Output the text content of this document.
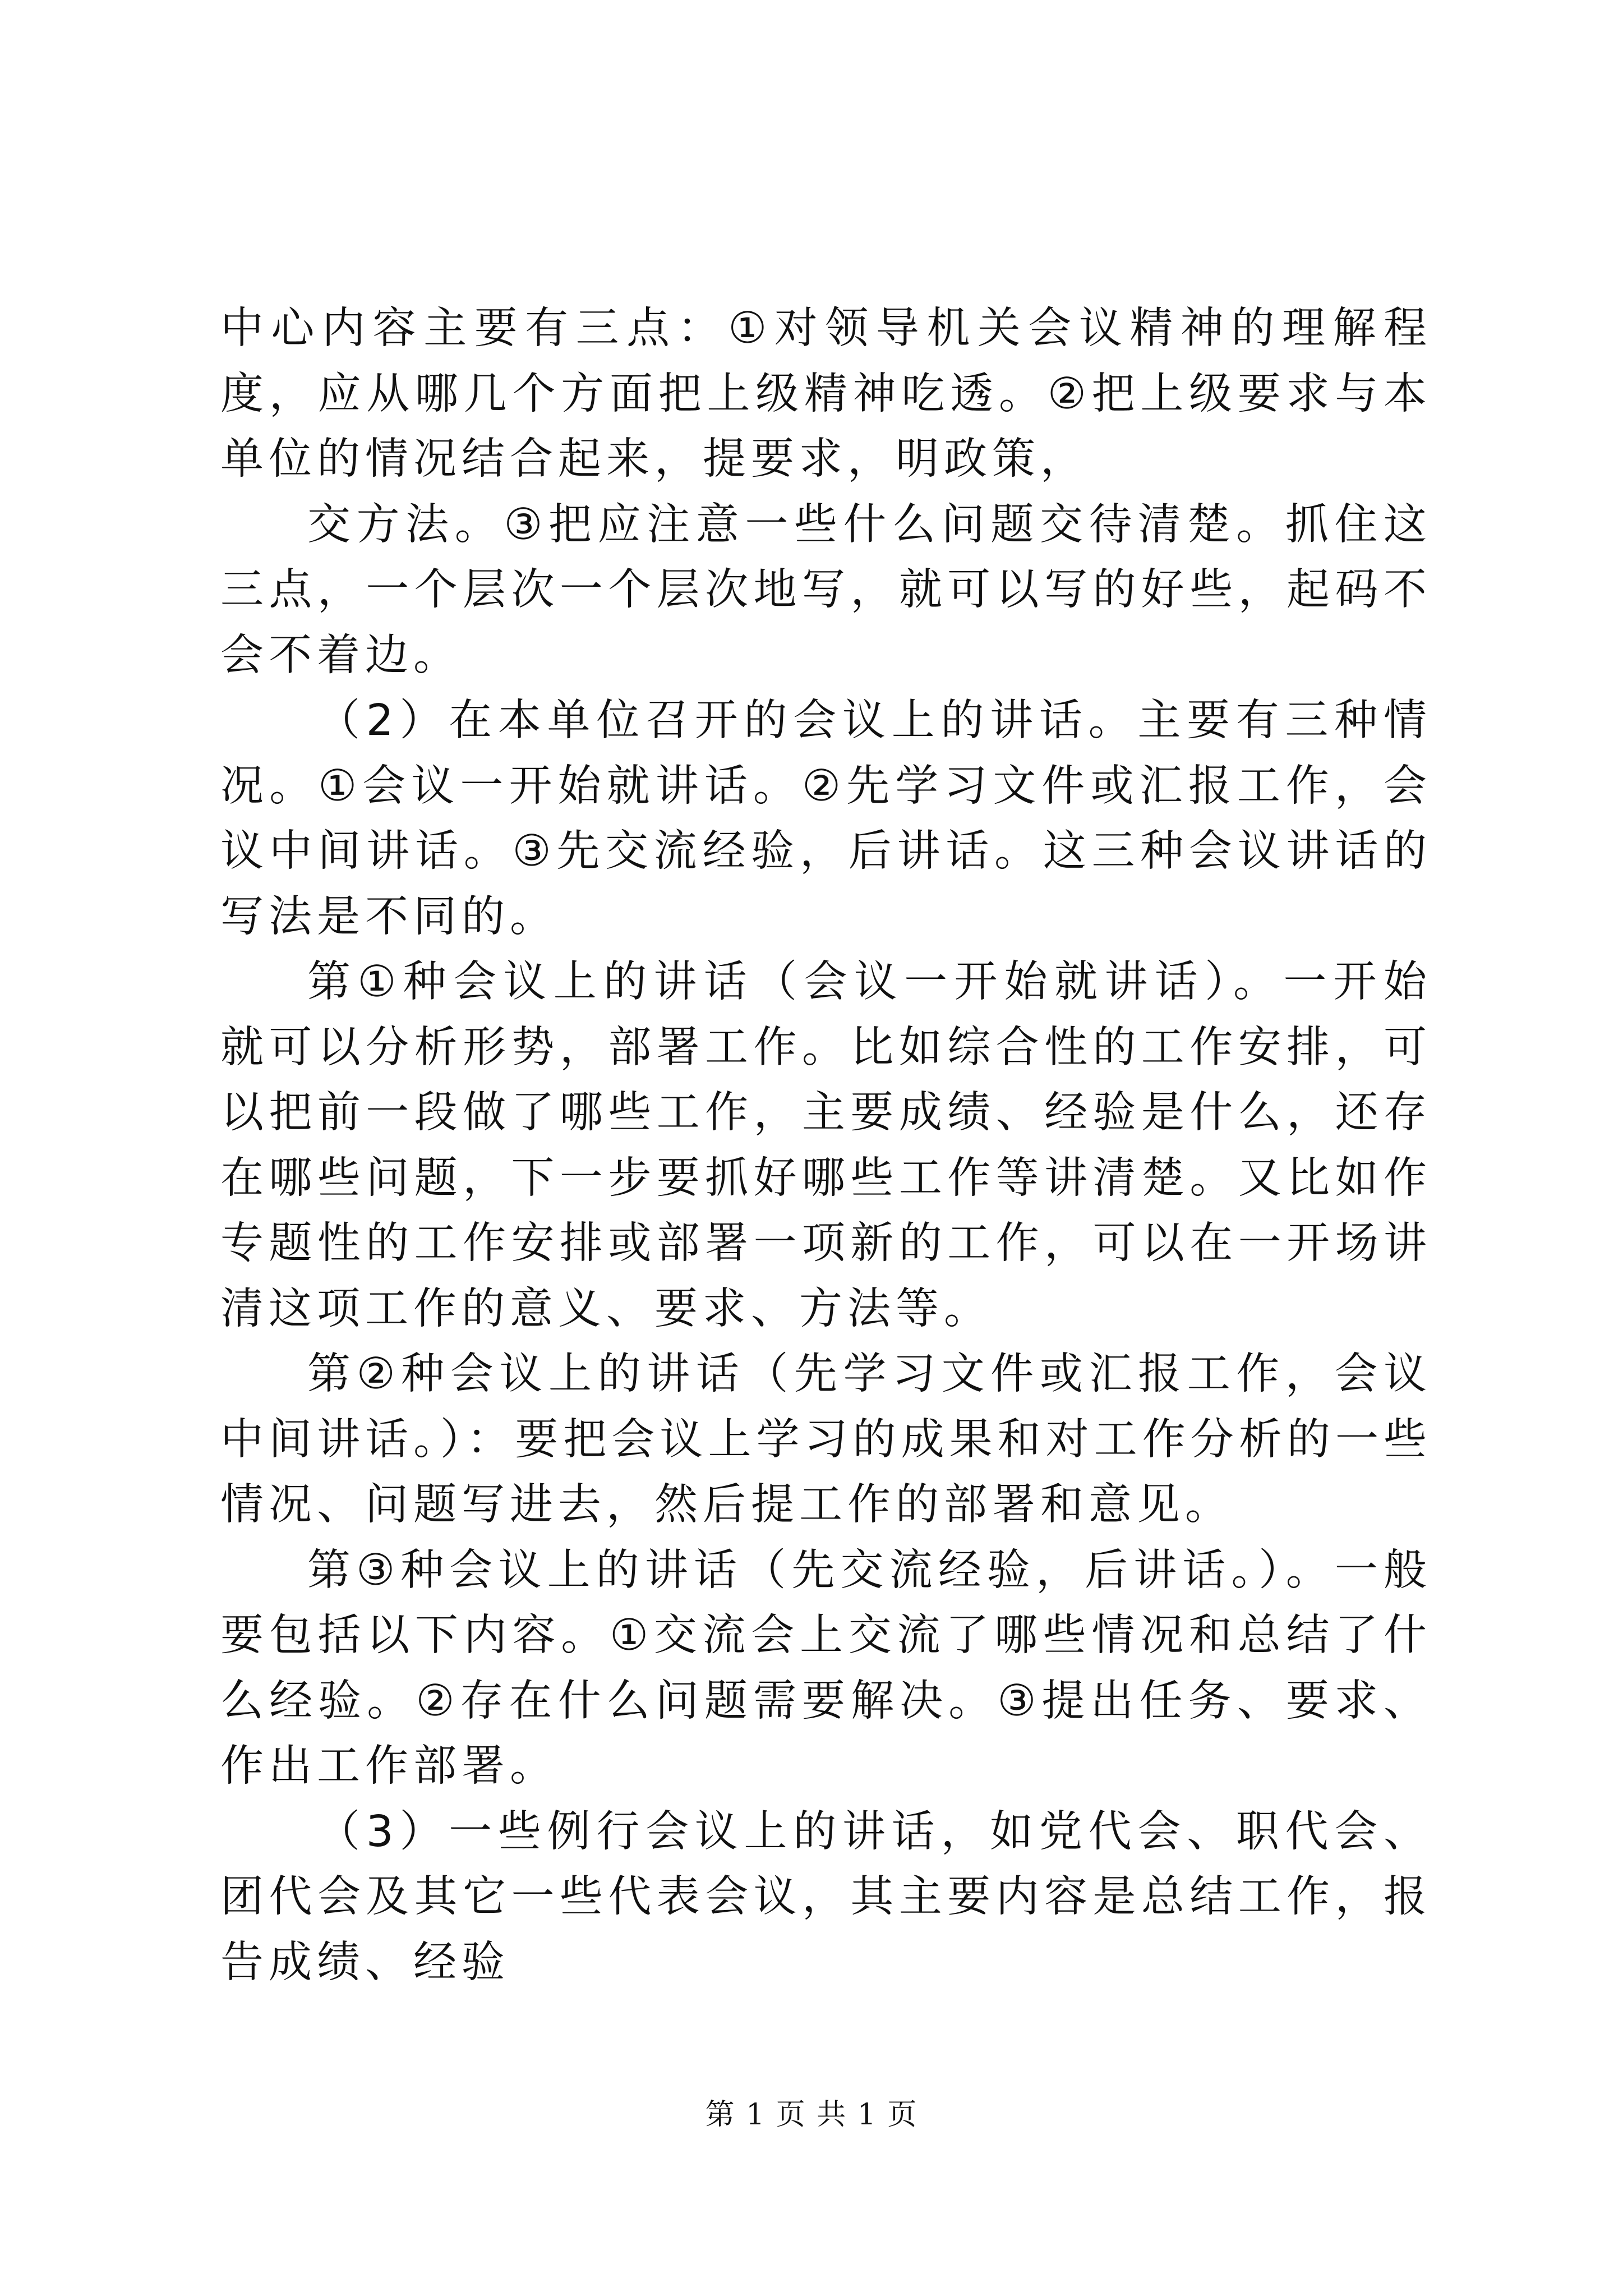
中心内容主要有三点：①对领导机关会议精神的理解程度，应从哪几个方面把上级精神吃透。②把上级要求与本单位的情况结合起来，提要求，明政策，

交方法。③把应注意一些什么问题交待清楚。抓住这三点，一个层次一个层次地写，就可以写的好些，起码不会不着边。

（2）在本单位召开的会议上的讲话。主要有三种情况。①会议一开始就讲话。②先学习文件或汇报工作，会议中间讲话。③先交流经验，后讲话。这三种会议讲话的写法是不同的。

第①种会议上的讲话（会议一开始就讲话）。一开始就可以分析形势，部署工作。比如综合性的工作安排，可以把前一段做了哪些工作，主要成绩、经验是什么，还存在哪些问题，下一步要抓好哪些工作等讲清楚。又比如作专题性的工作安排或部署一项新的工作，可以在一开场讲清这项工作的意义、要求、方法等。

第②种会议上的讲话（先学习文件或汇报工作，会议中间讲话。）：要把会议上学习的成果和对工作分析的一些情况、问题写进去，然后提工作的部署和意见。

第③种会议上的讲话（先交流经验，后讲话。）。一般要包括以下内容。①交流会上交流了哪些情况和总结了什么经验。②存在什么问题需要解决。③提出任务、要求、作出工作部署。

（3）一些例行会议上的讲话，如党代会、职代会、团代会及其它一些代表会议，其主要内容是总结工作，报告成绩、经验

第 1 页 共 1 页
